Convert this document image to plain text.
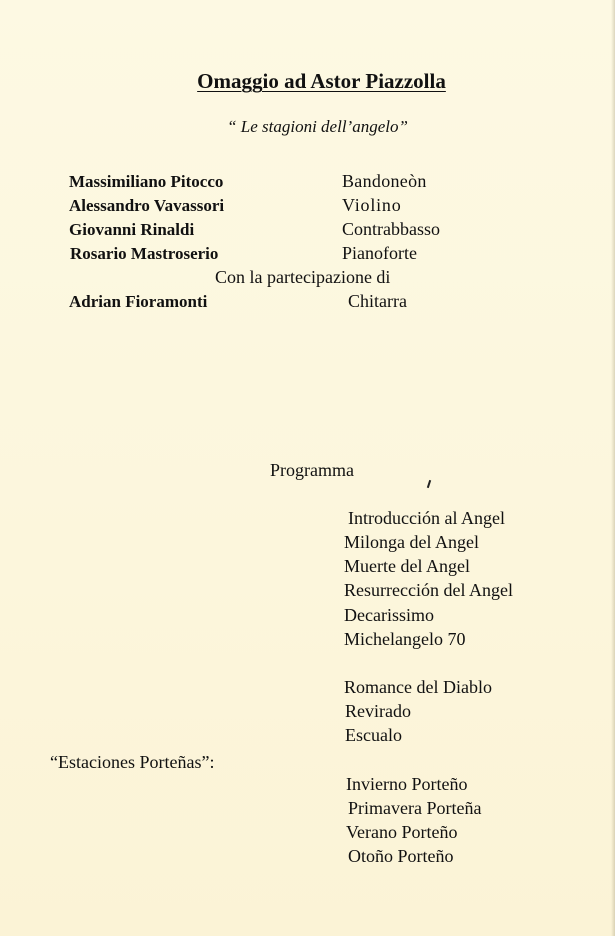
Omaggio ad Astor Piazzolla
“ Le stagioni dell’angelo”
Massimiliano Pitocco	Bandoneòn
Alessandro Vavassori	Violino
Giovanni Rinaldi	Contrabbasso
Rosario Mastroserio	Pianoforte
Con la partecipazione di
Adrian Fioramonti	Chitarra
Programma
Introducción al Angel
Milonga del Angel
Muerte del Angel
Resurrección del Angel
Decarissimo
Michelangelo 70
Romance del Diablo
Revirado
Escualo
“Estaciones Porteñas”:
Invierno Porteño
Primavera Porteña
Verano Porteño
Otoño Porteño
